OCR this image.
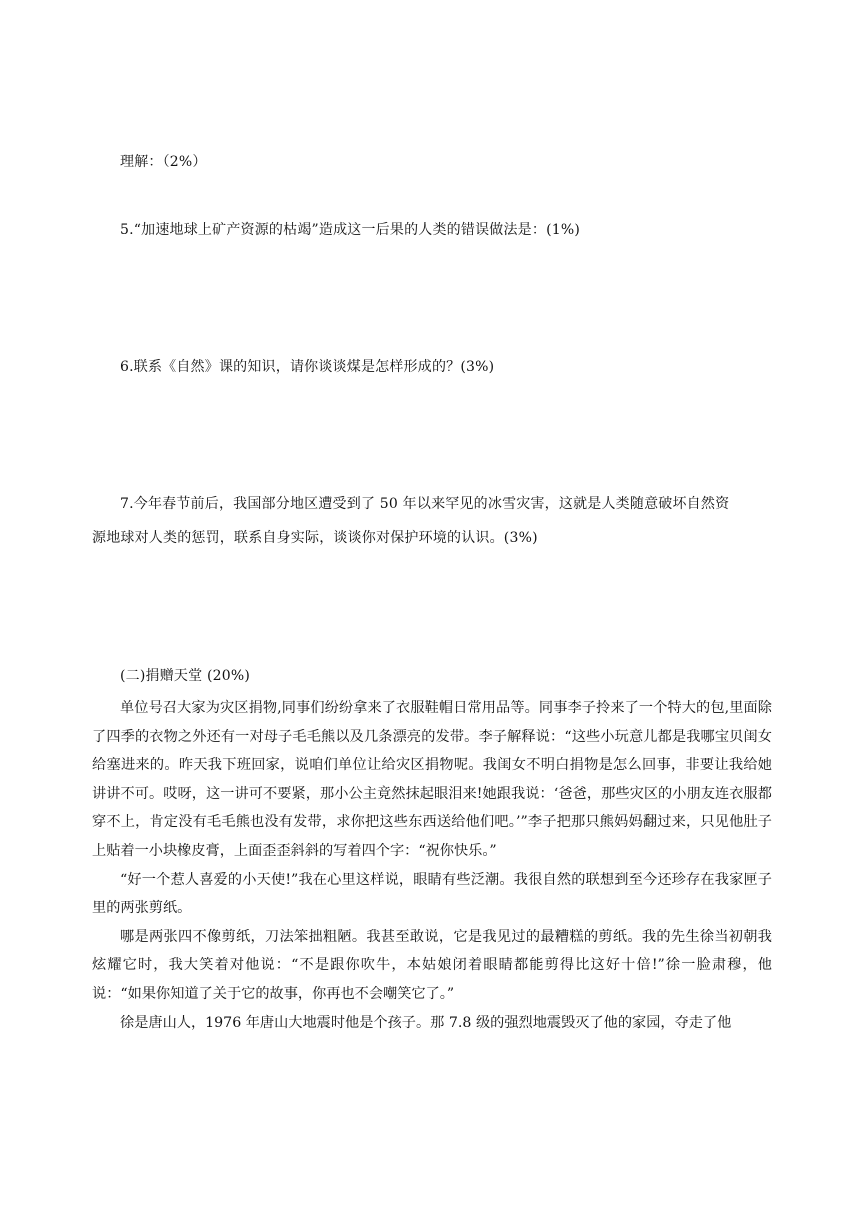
理解：（2%）
5.“加速地球上矿产资源的枯竭”造成这一后果的人类的错误做法是：(1%)
6.联系《自然》课的知识，请你谈谈煤是怎样形成的？(3%)
7.今年春节前后，我国部分地区遭受到了 50 年以来罕见的冰雪灾害，这就是人类随意破坏自然资
源地球对人类的惩罚，联系自身实际，谈谈你对保护环境的认识。(3%)
(二)捐赠天堂 (20%)

单位号召大家为灾区捐物,同事们纷纷拿来了衣服鞋帽日常用品等。同事李子拎来了一个特大的包,里面除了四季的衣物之外还有一对母子毛毛熊以及几条漂亮的发带。李子解释说：“这些小玩意儿都是我哪宝贝闺女给塞进来的。昨天我下班回家，说咱们单位让给灾区捐物呢。我闺女不明白捐物是怎么回事，非要让我给她讲讲不可。哎呀，这一讲可不要紧，那小公主竟然抹起眼泪来!她跟我说：‘爸爸，那些灾区的小朋友连衣服都穿不上，肯定没有毛毛熊也没有发带，求你把这些东西送给他们吧。’”李子把那只熊妈妈翻过来，只见他肚子上贴着一小块橡皮膏，上面歪歪斜斜的写着四个字：“祝你快乐。”

“好一个惹人喜爱的小天使!”我在心里这样说，眼睛有些泛潮。我很自然的联想到至今还珍存在我家匣子里的两张剪纸。

哪是两张四不像剪纸，刀法笨拙粗陋。我甚至敢说，它是我见过的最糟糕的剪纸。我的先生徐当初朝我炫耀它时，我大笑着对他说：“不是跟你吹牛，本姑娘闭着眼睛都能剪得比这好十倍!”徐一脸肃穆，他说：“如果你知道了关于它的故事，你再也不会嘲笑它了。”

徐是唐山人，1976 年唐山大地震时他是个孩子。那 7.8 级的强烈地震毁灭了他的家园，夺走了他
